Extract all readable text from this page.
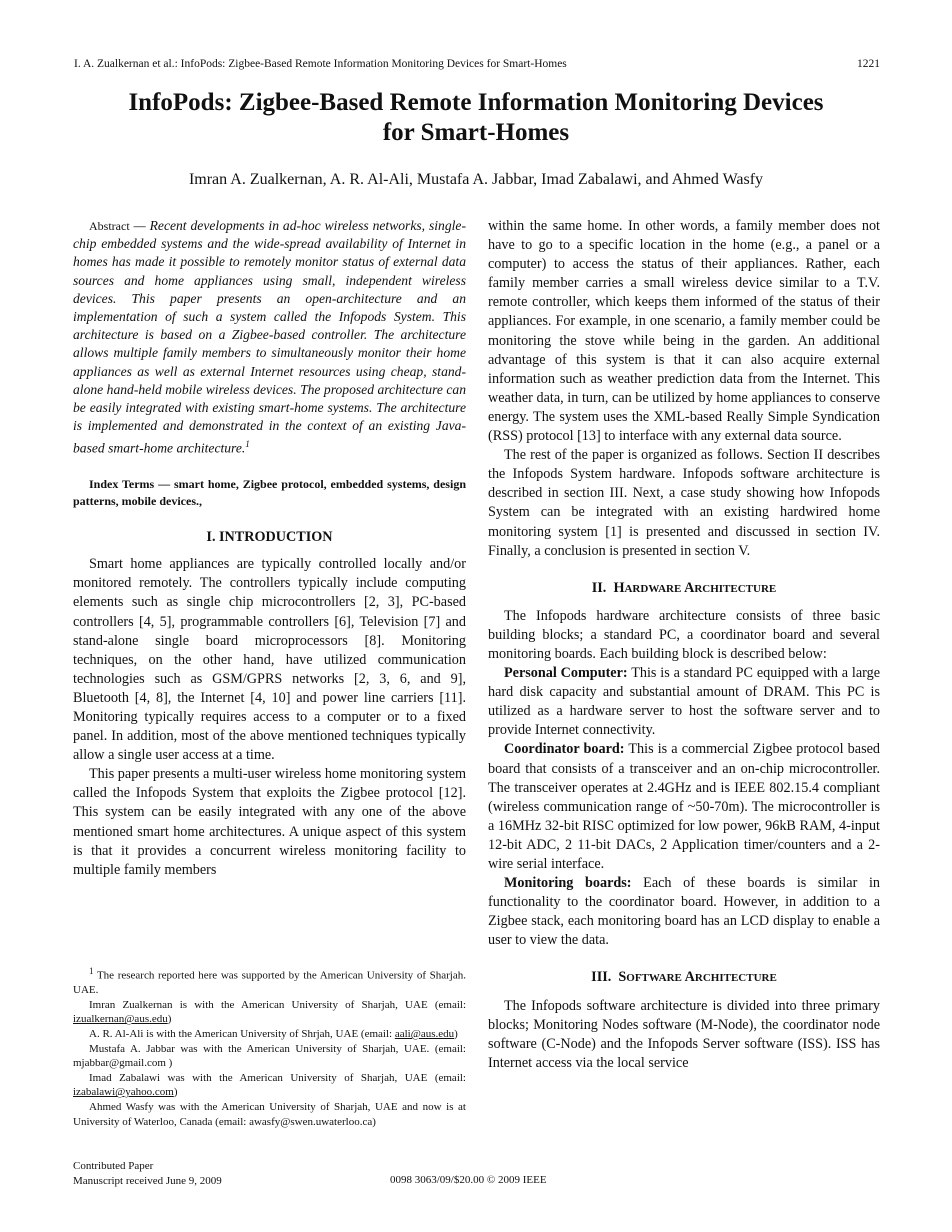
I. A. Zualkernan et al.: InfoPods: Zigbee-Based Remote Information Monitoring Devices for Smart-Homes	1221
InfoPods: Zigbee-Based Remote Information Monitoring Devices
for Smart-Homes
Imran A. Zualkernan, A. R. Al-Ali, Mustafa A. Jabbar, Imad Zabalawi, and Ahmed Wasfy

Abstract — Recent developments in ad-hoc wireless networks, single-chip embedded systems and the wide-spread availability of Internet in homes has made it possible to remotely monitor status of external data sources and home appliances using small, independent wireless devices. This paper presents an open-architecture and an implementation of such a system called the Infopods System. This architecture is based on a Zigbee-based controller. The architecture allows multiple family members to simultaneously monitor their home appliances as well as external Internet resources using cheap, stand-alone hand-held mobile wireless devices. The proposed architecture can be easily integrated with existing smart-home systems. The architecture is implemented and demonstrated in the context of an existing Java-based smart-home architecture.$^1$

Index Terms — smart home, Zigbee protocol, embedded systems, design patterns, mobile devices.,

I. INTRODUCTION

Smart home appliances are typically controlled locally and/or monitored remotely. The controllers typically include computing elements such as single chip microcontrollers [2, 3], PC-based controllers [4, 5], programmable controllers [6], Television [7] and stand-alone single board microprocessors [8]. Monitoring techniques, on the other hand, have utilized communication technologies such as GSM/GPRS networks [2, 3, 6, and 9], Bluetooth [4, 8], the Internet [4, 10] and power line carriers [11]. Monitoring typically requires access to a computer or to a fixed panel. In addition, most of the above mentioned techniques typically allow a single user access at a time.

This paper presents a multi-user wireless home monitoring system called the Infopods System that exploits the Zigbee protocol [12]. This system can be easily integrated with any one of the above mentioned smart home architectures. A unique aspect of this system is that it provides a concurrent wireless monitoring facility to multiple family members

$^1$ The research reported here was supported by the American University of Sharjah. UAE.

Imran Zualkernan is with the American University of Sharjah, UAE (email: izualkernan@aus.edu)

A. R. Al-Ali is with the American University of Shrjah, UAE (email: aali@aus.edu)

Mustafa A. Jabbar was with the American University of Sharjah, UAE. (email: mjabbar@gmail.com )

Imad Zabalawi was with the American University of Sharjah, UAE (email: izabalawi@yahoo.com)

Ahmed Wasfy was with the American University of Sharjah, UAE and now is at University of Waterloo, Canada (email: awasfy@swen.uwaterloo.ca)

within the same home. In other words, a family member does not have to go to a specific location in the home (e.g., a panel or a computer) to access the status of their appliances. Rather, each family member carries a small wireless device similar to a T.V. remote controller, which keeps them informed of the status of their appliances. For example, in one scenario, a family member could be monitoring the stove while being in the garden. An additional advantage of this system is that it can also acquire external information such as weather prediction data from the Internet. This weather data, in turn, can be utilized by home appliances to conserve energy. The system uses the XML-based Really Simple Syndication (RSS) protocol [13] to interface with any external data source.

The rest of the paper is organized as follows. Section II describes the Infopods System hardware. Infopods software architecture is described in section III. Next, a case study showing how Infopods System can be integrated with an existing hardwired home monitoring system [1] is presented and discussed in section IV. Finally, a conclusion is presented in section V.

II. HARDWARE ARCHITECTURE

The Infopods hardware architecture consists of three basic building blocks; a standard PC, a coordinator board and several monitoring boards. Each building block is described below:

Personal Computer: This is a standard PC equipped with a large hard disk capacity and substantial amount of DRAM. This PC is utilized as a hardware server to host the software server and to provide Internet connectivity.

Coordinator board: This is a commercial Zigbee protocol based board that consists of a transceiver and an on-chip microcontroller. The transceiver operates at 2.4GHz and is IEEE 802.15.4 compliant (wireless communication range of ~50-70m). The microcontroller is a 16MHz 32-bit RISC optimized for low power, 96kB RAM, 4-input 12-bit ADC, 2 11-bit DACs, 2 Application timer/counters and a 2-wire serial interface.

Monitoring boards: Each of these boards is similar in functionality to the coordinator board. However, in addition to a Zigbee stack, each monitoring board has an LCD display to enable a user to view the data.

III. SOFTWARE ARCHITECTURE

The Infopods software architecture is divided into three primary blocks; Monitoring Nodes software (M-Node), the coordinator node software (C-Node) and the Infopods Server software (ISS). ISS has Internet access via the local service

Contributed Paper
Manuscript received June 9, 2009	0098 3063/09/$20.00 © 2009 IEEE
